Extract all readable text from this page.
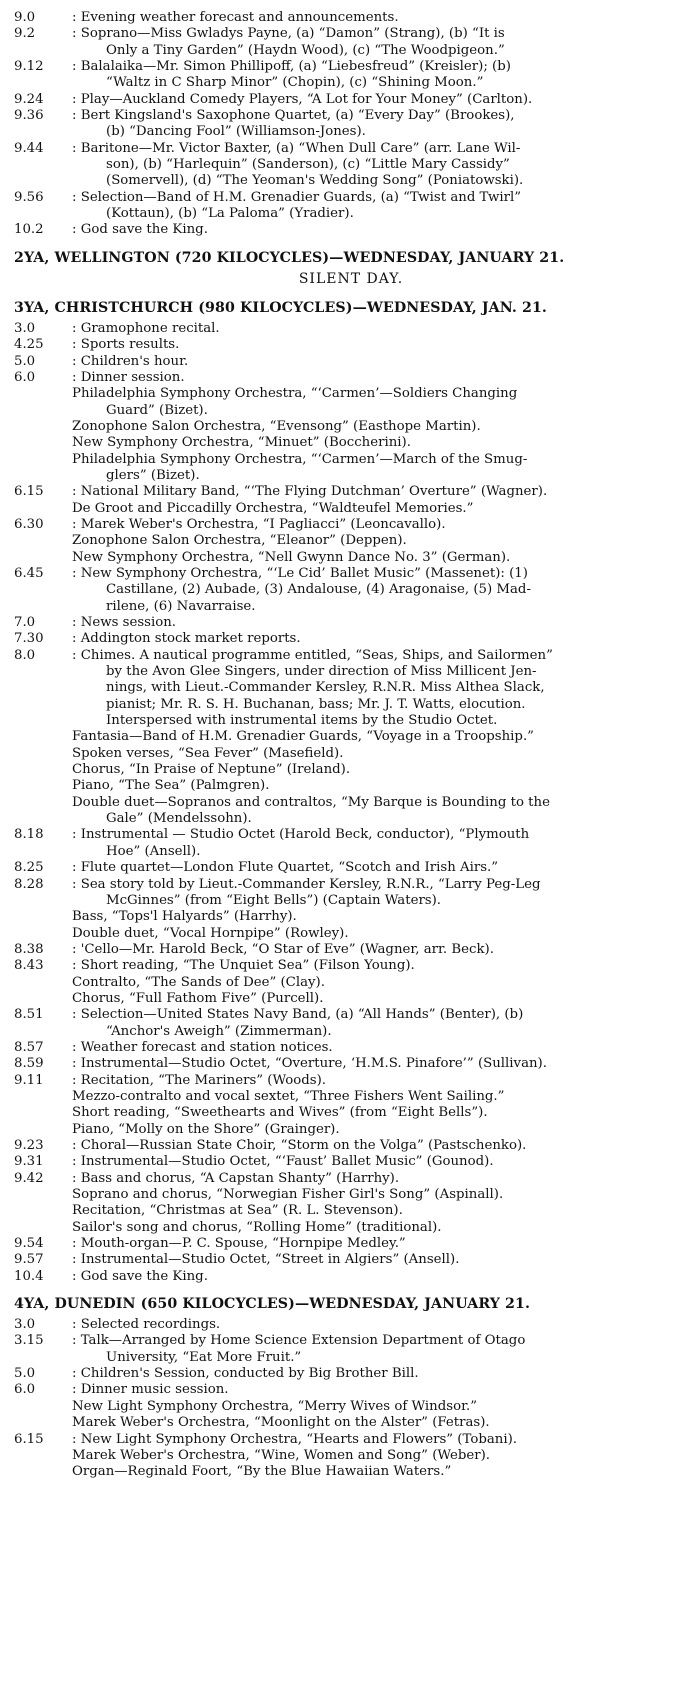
9.0	: Evening weather forecast and announcements.
9.2	: Soprano—Miss Gwladys Payne, (a) “Damon” (Strang), (b) “It is
Only a Tiny Garden” (Haydn Wood), (c) “The Woodpigeon.”
9.12 : Balalaika—Mr. Simon Phillipoff, (a) “Liebesfreud” (Kreisler); (b)
“Waltz in C Sharp Minor” (Chopin), (c) “Shining Moon.”
9.24 : Play—Auckland Comedy Players, “A Lot for Your Money” (Carlton).
9.36 : Bert Kingsland's Saxophone Quartet, (a) “Every Day” (Brookes),
(b) “Dancing Fool” (Williamson-Jones).
9.44 : Baritone—Mr. Victor Baxter, (a) “When Dull Care” (arr. Lane Wil-
son), (b) “Harlequin” (Sanderson), (c) “Little Mary Cassidy”
(Somervell), (d) “The Yeoman's Wedding Song” (Poniatowski).
9.56 : Selection—Band of H.M. Grenadier Guards, (a) “Twist and Twirl”
(Kottaun), (b) “La Paloma” (Yradier).
10.2 : God save the King.
2YA, WELLINGTON (720 KILOCYCLES)—WEDNESDAY, JANUARY 21.
SILENT DAY.
3YA, CHRISTCHURCH (980 KILOCYCLES)—WEDNESDAY, JAN. 21.
3.0	: Gramophone recital.
4.25 : Sports results.
5.0	: Children's hour.
6.0	: Dinner session.
Philadelphia Symphony Orchestra, “‘Carmen’—Soldiers Changing
Guard” (Bizet).
Zonophone Salon Orchestra, “Evensong” (Easthope Martin).
New Symphony Orchestra, “Minuet” (Boccherini).
Philadelphia Symphony Orchestra, “‘Carmen’—March of the Smug-
glers” (Bizet).
6.15 : National Military Band, “‘The Flying Dutchman’ Overture” (Wagner).
De Groot and Piccadilly Orchestra, “Waldteufel Memories.”
6.30 : Marek Weber's Orchestra, “I Pagliacci” (Leoncavallo).
Zonophone Salon Orchestra, “Eleanor” (Deppen).
New Symphony Orchestra, “Nell Gwynn Dance No. 3” (German).
6.45 : New Symphony Orchestra, “‘Le Cid’ Ballet Music” (Massenet): (1)
Castillane, (2) Aubade, (3) Andalouse, (4) Aragonaise, (5) Mad-
rilene, (6) Navarraise.
7.0	: News session.
7.30 : Addington stock market reports.
8.0	: Chimes. A nautical programme entitled, “Seas, Ships, and Sailormen”
by the Avon Glee Singers, under direction of Miss Millicent Jen-
nings, with Lieut.-Commander Kersley, R.N.R. Miss Althea Slack,
pianist; Mr. R. S. H. Buchanan, bass; Mr. J. T. Watts, elocution.
Interspersed with instrumental items by the Studio Octet.
Fantasia—Band of H.M. Grenadier Guards, “Voyage in a Troopship.”
Spoken verses, “Sea Fever” (Masefield).
Chorus, “In Praise of Neptune” (Ireland).
Piano, “The Sea” (Palmgren).
Double duet—Sopranos and contraltos, “My Barque is Bounding to the
Gale” (Mendelssohn).
8.18 : Instrumental — Studio Octet (Harold Beck, conductor), “Plymouth
Hoe” (Ansell).
8.25 : Flute quartet—London Flute Quartet, “Scotch and Irish Airs.”
8.28 : Sea story told by Lieut.-Commander Kersley, R.N.R., “Larry Peg-Leg
McGinnes” (from “Eight Bells”) (Captain Waters).
Bass, “Tops'l Halyards” (Harrhy).
Double duet, “Vocal Hornpipe” (Rowley).
8.38 : 'Cello—Mr. Harold Beck, “O Star of Eve” (Wagner, arr. Beck).
8.43 : Short reading, “The Unquiet Sea” (Filson Young).
Contralto, “The Sands of Dee” (Clay).
Chorus, “Full Fathom Five” (Purcell).
8.51 : Selection—United States Navy Band, (a) “All Hands” (Benter), (b)
“Anchor's Aweigh” (Zimmerman).
8.57 : Weather forecast and station notices.
8.59 : Instrumental—Studio Octet, “Overture, ‘H.M.S. Pinafore’” (Sullivan).
9.11 : Recitation, “The Mariners” (Woods).
Mezzo-contralto and vocal sextet, “Three Fishers Went Sailing.”
Short reading, “Sweethearts and Wives” (from “Eight Bells”).
Piano, “Molly on the Shore” (Grainger).
9.23 : Choral—Russian State Choir, “Storm on the Volga” (Pastschenko).
9.31 : Instrumental—Studio Octet, “‘Faust’ Ballet Music” (Gounod).
9.42 : Bass and chorus, “A Capstan Shanty” (Harrhy).
Soprano and chorus, “Norwegian Fisher Girl's Song” (Aspinall).
Recitation, “Christmas at Sea” (R. L. Stevenson).
Sailor's song and chorus, “Rolling Home” (traditional).
9.54 : Mouth-organ—P. C. Spouse, “Hornpipe Medley.”
9.57 : Instrumental—Studio Octet, “Street in Algiers” (Ansell).
10.4 : God save the King.
4YA, DUNEDIN (650 KILOCYCLES)—WEDNESDAY, JANUARY 21.
3.0	: Selected recordings.
3.15 : Talk—Arranged by Home Science Extension Department of Otago
University, “Eat More Fruit.”
5.0	: Children's Session, conducted by Big Brother Bill.
6.0	: Dinner music session.
New Light Symphony Orchestra, “Merry Wives of Windsor.”
Marek Weber's Orchestra, “Moonlight on the Alster” (Fetras).
6.15 : New Light Symphony Orchestra, “Hearts and Flowers” (Tobani).
Marek Weber's Orchestra, “Wine, Women and Song” (Weber).
Organ—Reginald Foort, “By the Blue Hawaiian Waters.”
